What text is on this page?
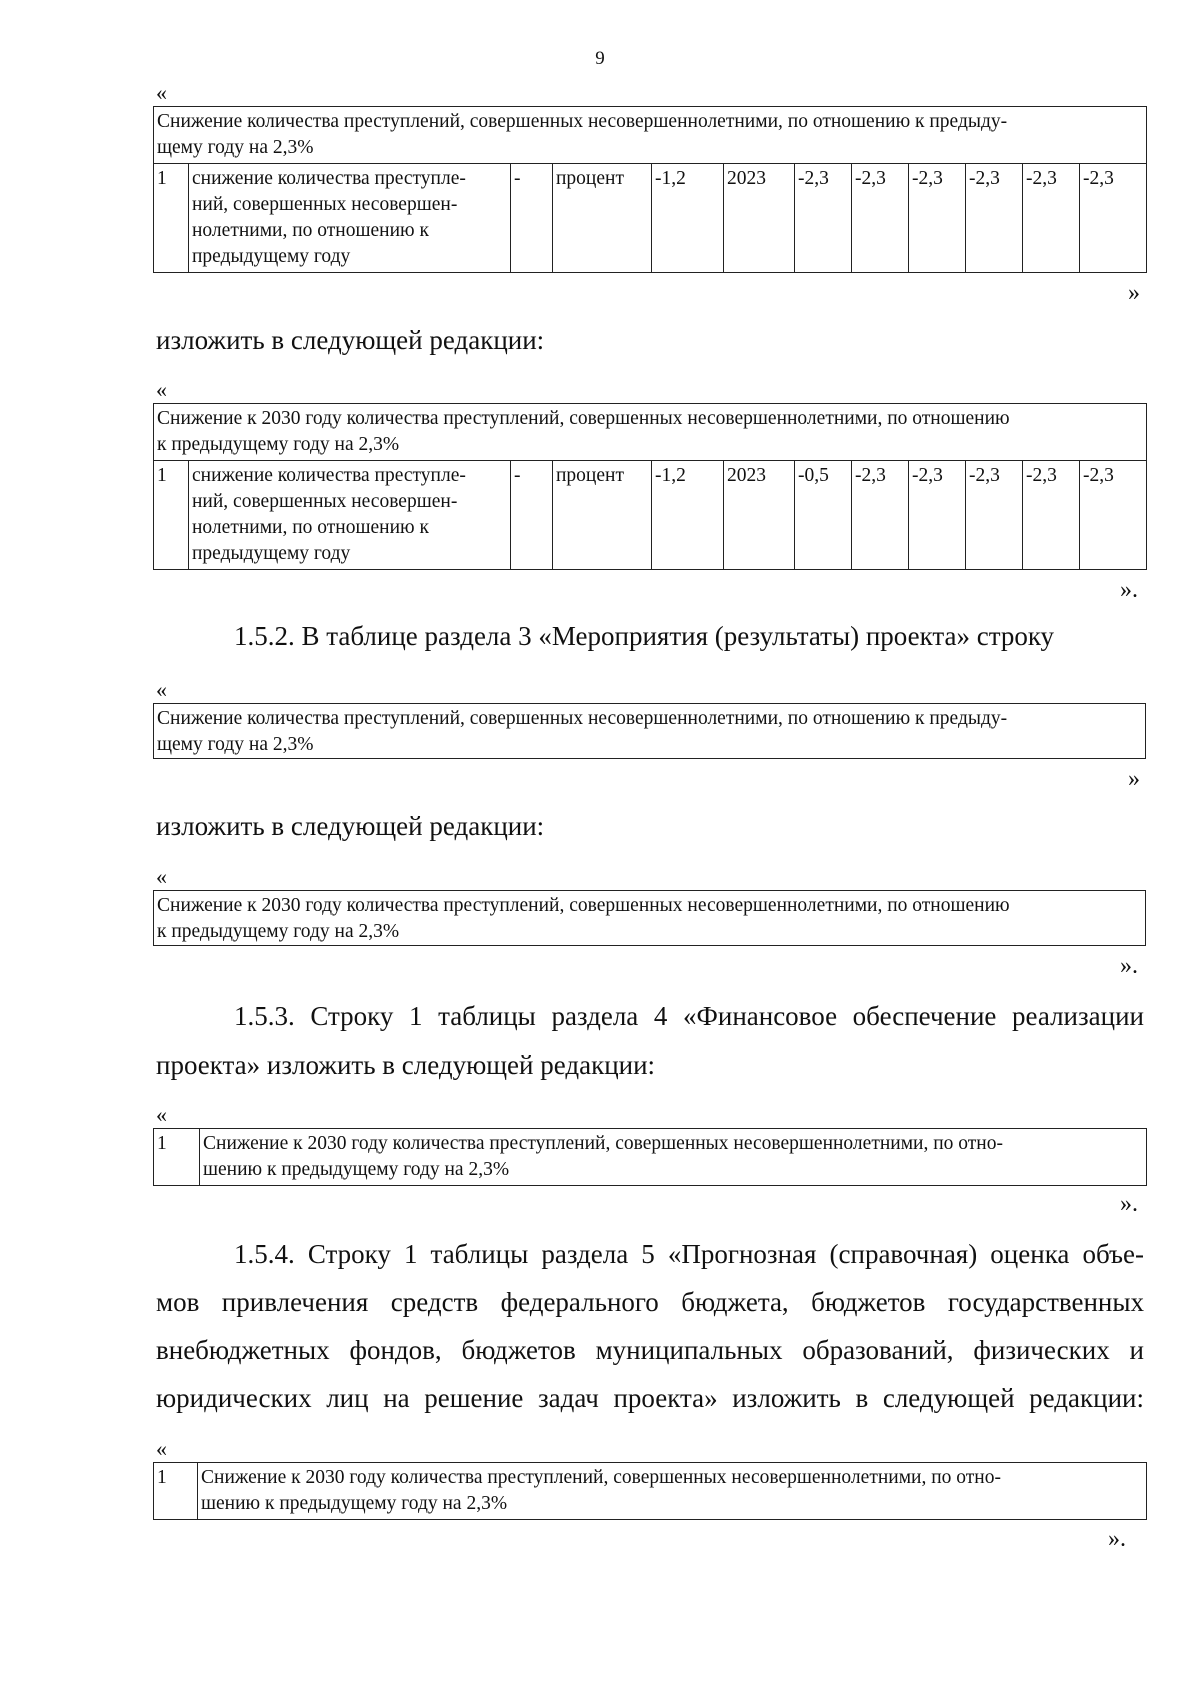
9
«
Снижение количества преступлений, совершенных несовершеннолетними, по отношению к предыду-
щему году на 2,3%
1	снижение количества преступле-
ний, совершенных несовершен-
нолетними, по отношению к
предыдущему году	-	процент	-1,2	2023	-2,3	-2,3	-2,3	-2,3	-2,3	-2,3
»
изложить в следующей редакции:
«
Снижение к 2030 году количества преступлений, совершенных несовершеннолетними, по отношению
к предыдущему году на 2,3%
1	снижение количества преступле-
ний, совершенных несовершен-
нолетними, по отношению к
предыдущему году	-	процент	-1,2	2023	-0,5	-2,3	-2,3	-2,3	-2,3	-2,3
».
1.5.2. В таблице раздела 3 «Мероприятия (результаты) проекта» строку
«
Снижение количества преступлений, совершенных несовершеннолетними, по отношению к предыду-
щему году на 2,3%
»
изложить в следующей редакции:
«
Снижение к 2030 году количества преступлений, совершенных несовершеннолетними, по отношению
к предыдущему году на 2,3%
».
1.5.3. Строку 1 таблицы раздела 4 «Финансовое обеспечение реализации
проекта» изложить в следующей редакции:
«
1	Снижение к 2030 году количества преступлений, совершенных несовершеннолетними, по отно-
шению к предыдущему году на 2,3%
».
1.5.4. Строку 1 таблицы раздела 5 «Прогнозная (справочная) оценка объе-
мов привлечения средств федерального бюджета, бюджетов государственных
внебюджетных фондов, бюджетов муниципальных образований, физических и
юридических лиц на решение задач проекта» изложить в следующей редакции:
«
1	Снижение к 2030 году количества преступлений, совершенных несовершеннолетними, по отно-
шению к предыдущему году на 2,3%
».
